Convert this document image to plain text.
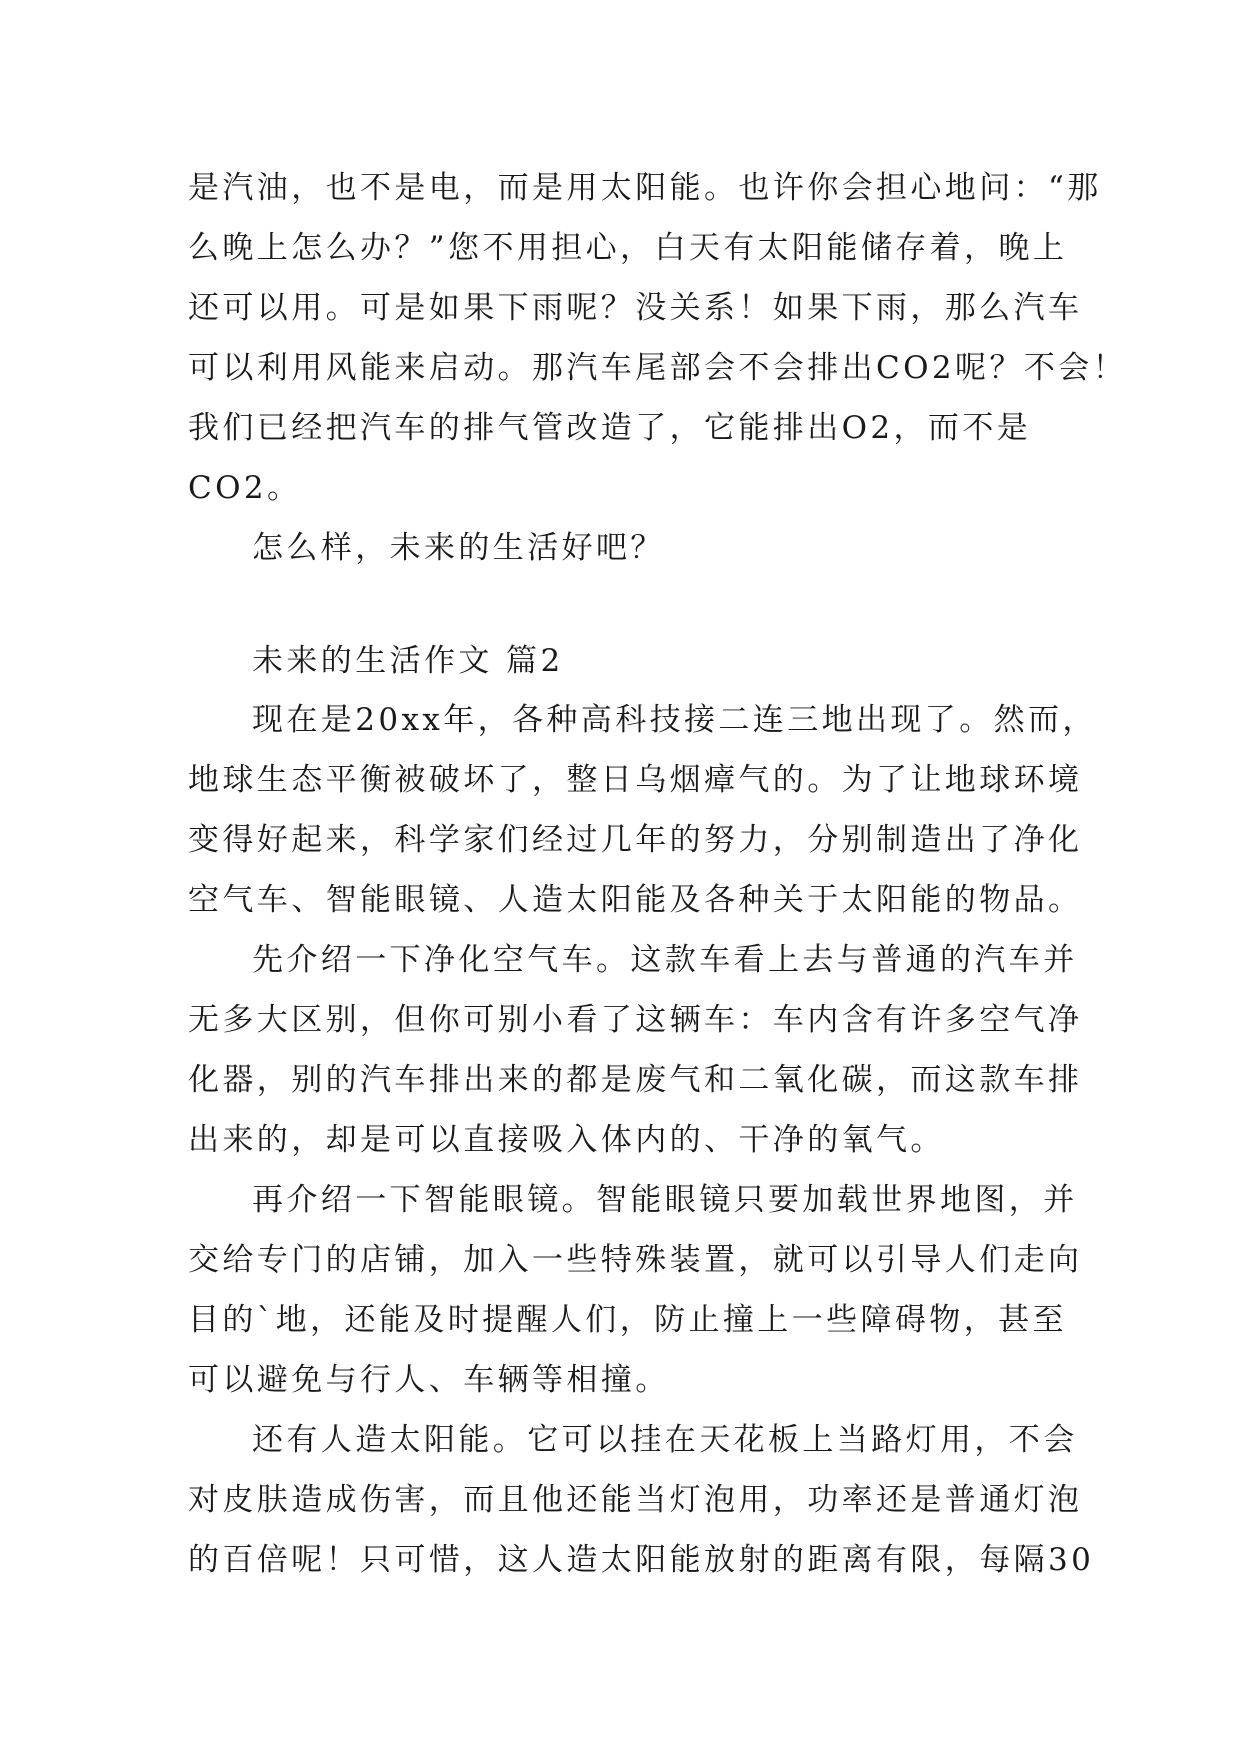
是汽油，也不是电，而是用太阳能。也许你会担心地问：“那
么晚上怎么办？”您不用担心，白天有太阳能储存着，晚上
还可以用。可是如果下雨呢？没关系！如果下雨，那么汽车
可以利用风能来启动。那汽车尾部会不会排出CO2呢？不会！
我们已经把汽车的排气管改造了，它能排出O2，而不是
CO2。
怎么样，未来的生活好吧？
未来的生活作文 篇2
现在是20xx年，各种高科技接二连三地出现了。然而，
地球生态平衡被破坏了，整日乌烟瘴气的。为了让地球环境
变得好起来，科学家们经过几年的努力，分别制造出了净化
空气车、智能眼镜、人造太阳能及各种关于太阳能的物品。
先介绍一下净化空气车。这款车看上去与普通的汽车并
无多大区别，但你可别小看了这辆车：车内含有许多空气净
化器，别的汽车排出来的都是废气和二氧化碳，而这款车排
出来的，却是可以直接吸入体内的、干净的氧气。
再介绍一下智能眼镜。智能眼镜只要加载世界地图，并
交给专门的店铺，加入一些特殊装置，就可以引导人们走向
目的`地，还能及时提醒人们，防止撞上一些障碍物，甚至
可以避免与行人、车辆等相撞。
还有人造太阳能。它可以挂在天花板上当路灯用，不会
对皮肤造成伤害，而且他还能当灯泡用，功率还是普通灯泡
的百倍呢！只可惜，这人造太阳能放射的距离有限，每隔30
